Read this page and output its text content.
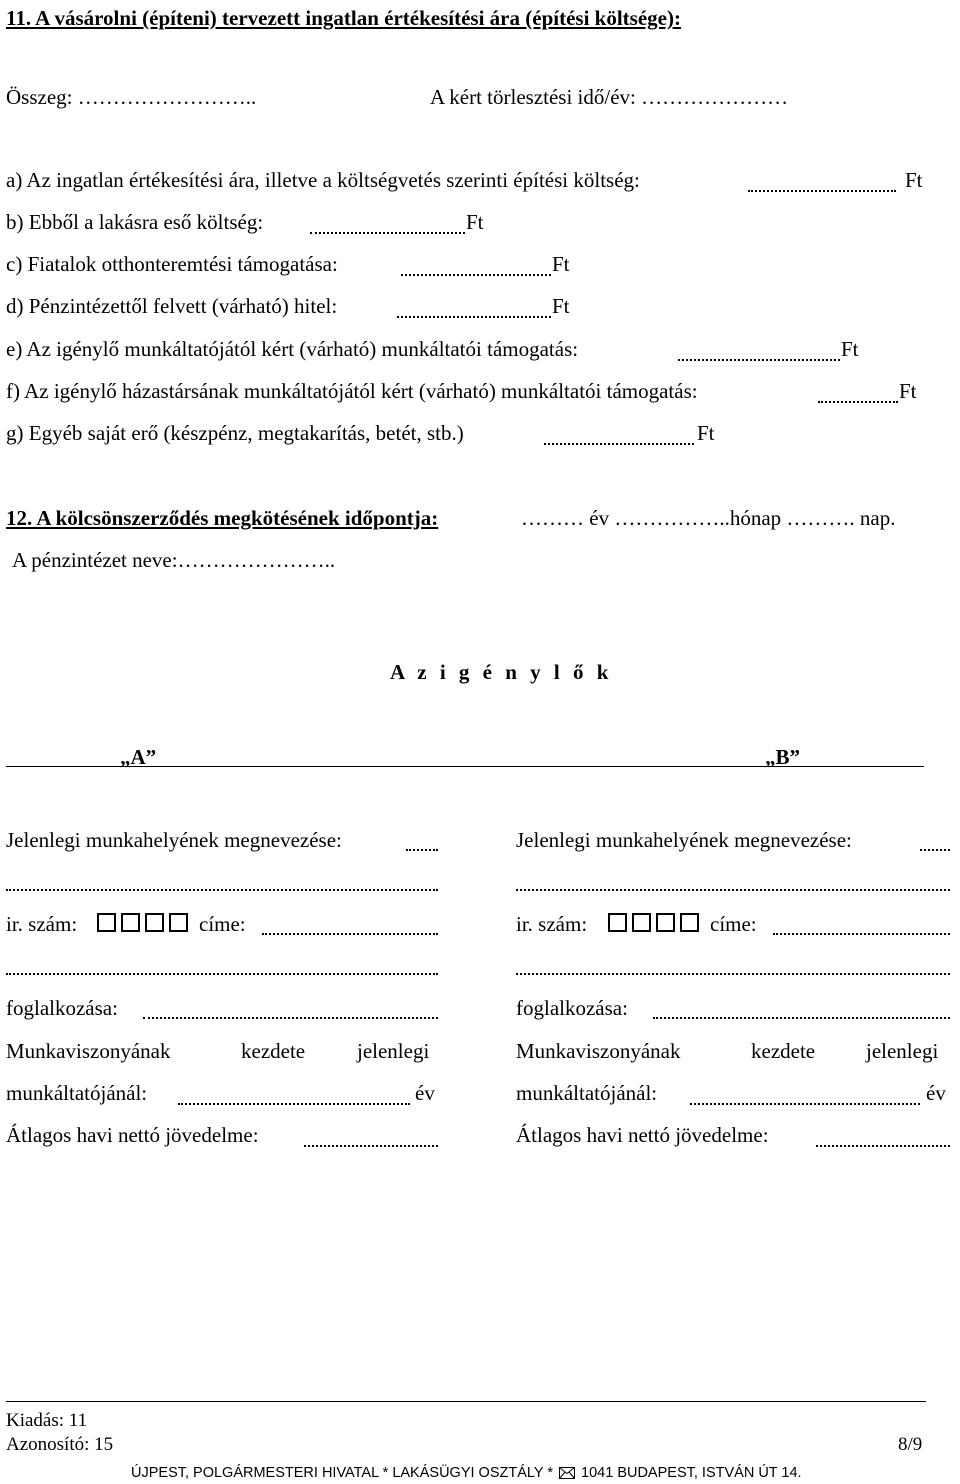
11. A vásárolni (építeni) tervezett ingatlan értékesítési ára (építési költsége):
Összeg: ……………………..	A kért törlesztési idő/év: …………………
a) Az ingatlan értékesítési ára, illetve a költségvetés szerinti építési költség:	Ft
b) Ebből a lakásra eső költség:	Ft
c) Fiatalok otthonteremtési támogatása:	Ft
d) Pénzintézettől felvett (várható) hitel:	Ft
e) Az igénylő munkáltatójától kért (várható) munkáltatói támogatás:	Ft
f) Az igénylő házastársának munkáltatójától kért (várható) munkáltatói támogatás:	Ft
g) Egyéb saját erő (készpénz, megtakarítás, betét, stb.)	Ft
12. A kölcsönszerződés megkötésének időpontja:	……… év ……………..hónap ………. nap.
A pénzintézet neve:…………………..
A z i g é n y l ő k
„A”	„B”
Jelenlegi munkahelyének megnevezése:
ir. szám:	címe:
foglalkozása:
Munkaviszonyának	kezdete jelenlegi
munkáltatójánál:	év
Átlagos havi nettó jövedelme:
Jelenlegi munkahelyének megnevezése:
ir. szám:	címe:
foglalkozása:
Munkaviszonyának	kezdete jelenlegi
munkáltatójánál:	év
Átlagos havi nettó jövedelme:
Kiadás: 11
Azonosító: 15	8/9
ÚJPEST, POLGÁRMESTERI HIVATAL * LAKÁSÜGYI OSZTÁLY * 1041 BUDAPEST, ISTVÁN ÚT 14.
